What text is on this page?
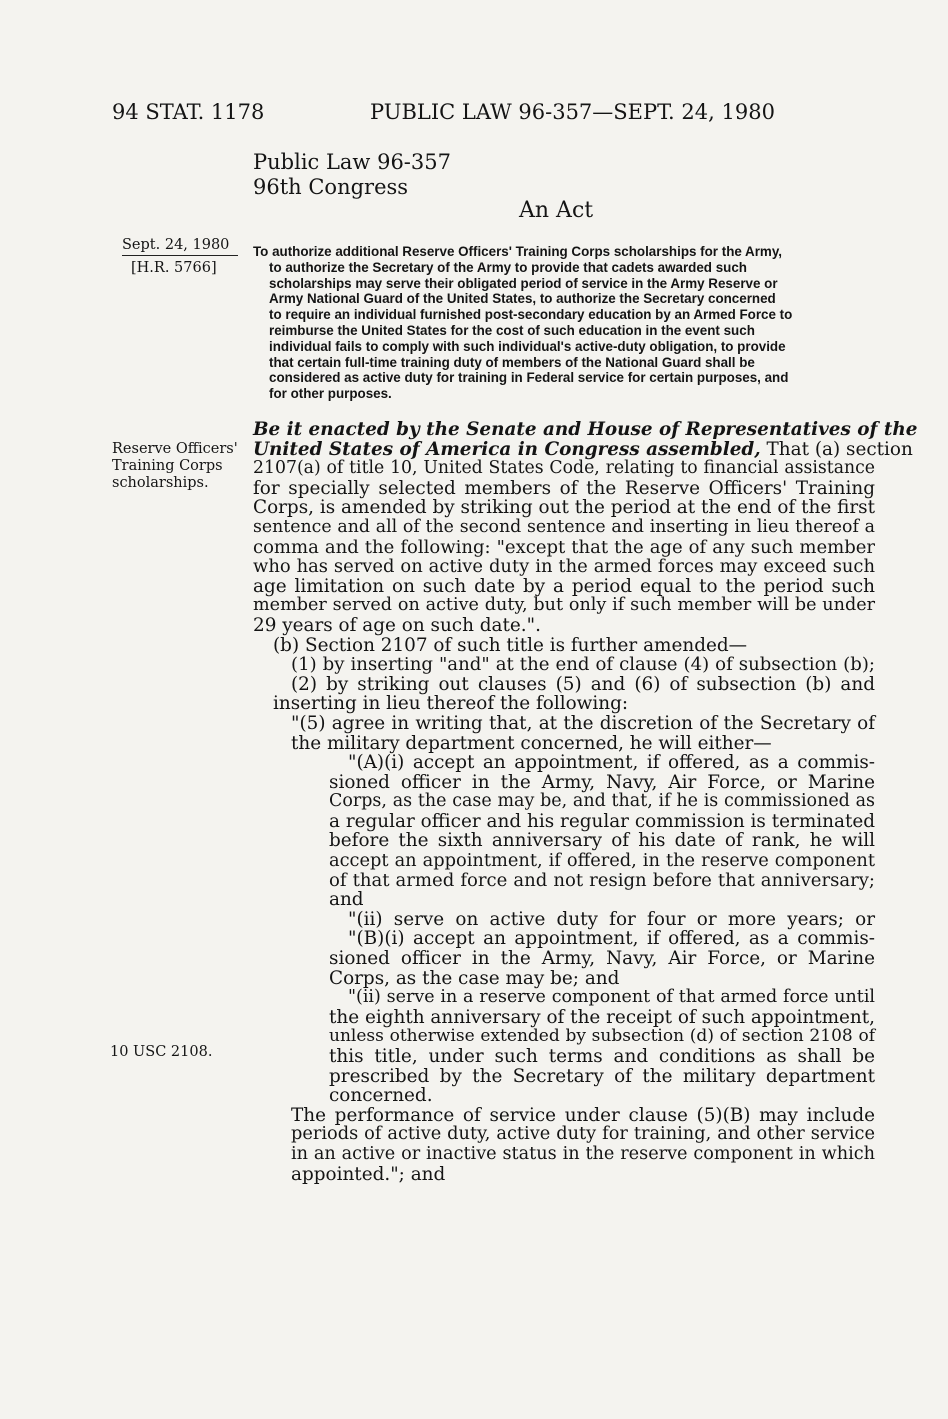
94 STAT. 1178	PUBLIC LAW 96-357—SEPT. 24, 1980
Public Law 96-357
96th Congress
An Act
Sept. 24, 1980
[H.R. 5766]
Reserve Officers'
Training Corps
scholarships.
10 USC 2108.
To authorize additional Reserve Officers' Training Corps scholarships for the Army,
to authorize the Secretary of the Army to provide that cadets awarded such
scholarships may serve their obligated period of service in the Army Reserve or
Army National Guard of the United States, to authorize the Secretary concerned
to require an individual furnished post-secondary education by an Armed Force to
reimburse the United States for the cost of such education in the event such
individual fails to comply with such individual's active-duty obligation, to provide
that certain full-time training duty of members of the National Guard shall be
considered as active duty for training in Federal service for certain purposes, and
for other purposes.
Be it enacted by the Senate and House of Representatives of the
United States of America in Congress assembled, That (a) section
2107(a) of title 10, United States Code, relating to financial assistance
for specially selected members of the Reserve Officers' Training
Corps, is amended by striking out the period at the end of the first
sentence and all of the second sentence and inserting in lieu thereof a
comma and the following: "except that the age of any such member
who has served on active duty in the armed forces may exceed such
age limitation on such date by a period equal to the period such
member served on active duty, but only if such member will be under
29 years of age on such date.".
(b) Section 2107 of such title is further amended—
(1) by inserting "and" at the end of clause (4) of subsection (b);
(2) by striking out clauses (5) and (6) of subsection (b) and
inserting in lieu thereof the following:
"(5) agree in writing that, at the discretion of the Secretary of
the military department concerned, he will either—
"(A)(i) accept an appointment, if offered, as a commis-
sioned officer in the Army, Navy, Air Force, or Marine
Corps, as the case may be, and that, if he is commissioned as
a regular officer and his regular commission is terminated
before the sixth anniversary of his date of rank, he will
accept an appointment, if offered, in the reserve component
of that armed force and not resign before that anniversary;
and
"(ii) serve on active duty for four or more years; or
"(B)(i) accept an appointment, if offered, as a commis-
sioned officer in the Army, Navy, Air Force, or Marine
Corps, as the case may be; and
"(ii) serve in a reserve component of that armed force until
the eighth anniversary of the receipt of such appointment,
unless otherwise extended by subsection (d) of section 2108 of
this title, under such terms and conditions as shall be
prescribed by the Secretary of the military department
concerned.
The performance of service under clause (5)(B) may include
periods of active duty, active duty for training, and other service
in an active or inactive status in the reserve component in which
appointed."; and
